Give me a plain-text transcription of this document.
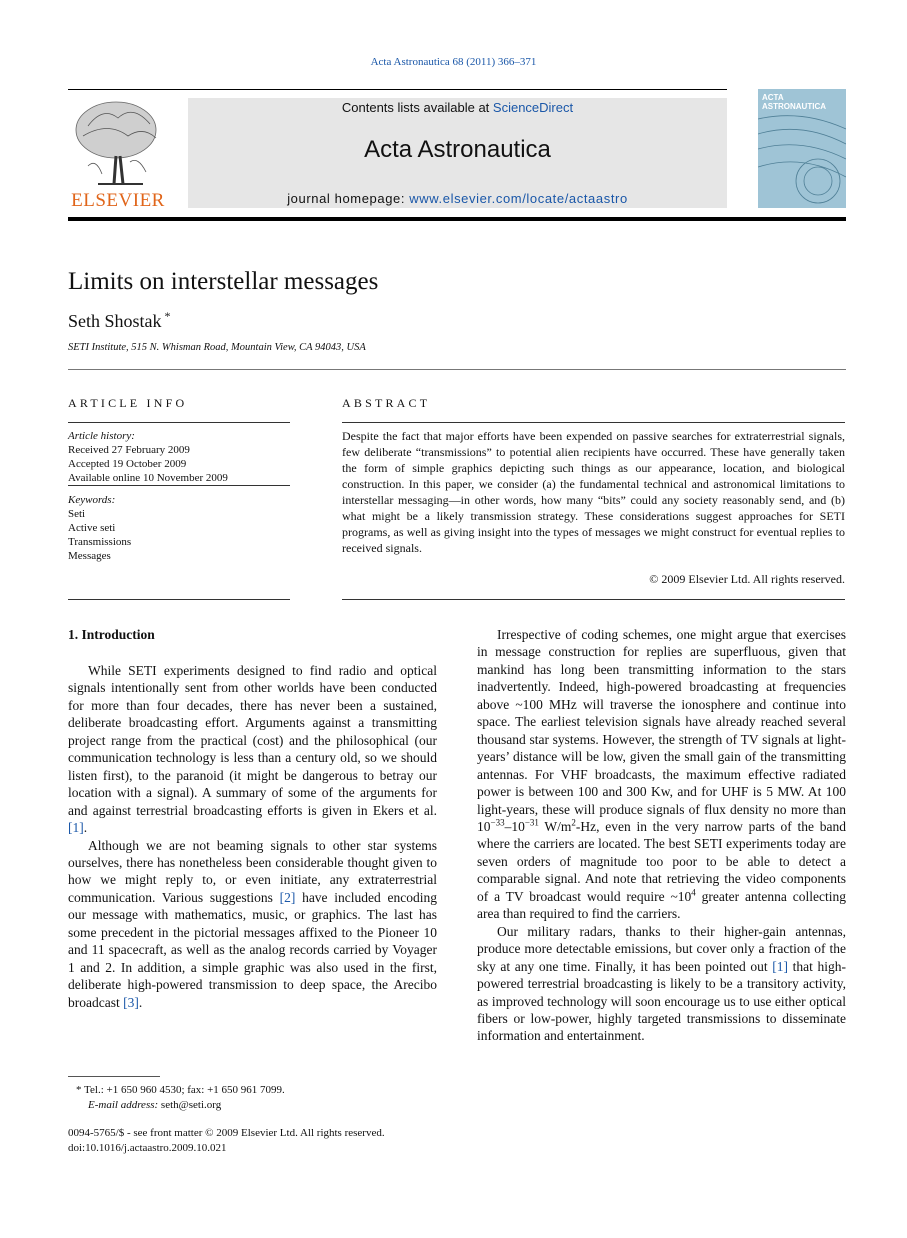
Acta Astronautica 68 (2011) 366–371
ELSEVIER
Contents lists available at ScienceDirect
Acta Astronautica
journal homepage: www.elsevier.com/locate/actaastro
ACTA ASTRONAUTICA
Limits on interstellar messages
Seth Shostak *
SETI Institute, 515 N. Whisman Road, Mountain View, CA 94043, USA
ARTICLE INFO
Article history:
Received 27 February 2009
Accepted 19 October 2009
Available online 10 November 2009
Keywords:
Seti
Active seti
Transmissions
Messages
ABSTRACT
Despite the fact that major efforts have been expended on passive searches for extraterrestrial signals, few deliberate “transmissions” to potential alien recipients have occurred. These have generally taken the form of simple graphics depicting such things as our appearance, location, and biological construction. In this paper, we consider (a) the fundamental technical and astronomical limitations to interstellar messaging—in other words, how many “bits” could any society reasonably send, and (b) what might be a likely transmission strategy. These considerations suggest approaches for SETI programs, as well as giving insight into the types of messages we might construct for eventual replies to received signals.
© 2009 Elsevier Ltd. All rights reserved.
1. Introduction

While SETI experiments designed to find radio and optical signals intentionally sent from other worlds have been conducted for more than four decades, there has never been a sustained, deliberate broadcasting effort. Arguments against a transmitting project range from the practical (cost) and the philosophical (our communication technology is less than a century old, so we should listen first), to the paranoid (it might be dangerous to betray our location with a signal). A summary of some of the arguments for and against terrestrial broadcasting efforts is given in Ekers et al. [1].

Although we are not beaming signals to other star systems ourselves, there has nonetheless been considerable thought given to how we might reply to, or even initiate, any extraterrestrial communication. Various suggestions [2] have included encoding our message with mathematics, music, or graphics. The last has some precedent in the pictorial messages affixed to the Pioneer 10 and 11 spacecraft, as well as the analog records carried by Voyager 1 and 2. In addition, a simple graphic was also used in the first, deliberate high-powered transmission to deep space, the Arecibo broadcast [3].

Irrespective of coding schemes, one might argue that exercises in message construction for replies are superfluous, given that mankind has long been transmitting information to the stars inadvertently. Indeed, high-powered broadcasting at frequencies above ~100 MHz will traverse the ionosphere and continue into space. The earliest television signals have already reached several thousand star systems. However, the strength of TV signals at light-years’ distance will be low, given the small gain of the transmitting antennas. For VHF broadcasts, the maximum effective radiated power is between 100 and 300 Kw, and for UHF is 5 MW. At 100 light-years, these will produce signals of flux density no more than $10^{-33}-10^{-31}$ $W/m^2-Hz$, even in the very narrow parts of the band where the carriers are located. The best SETI experiments today are seven orders of magnitude too poor to be able to detect a comparable signal. And note that retrieving the video components of a TV broadcast would require $\sim 10^4$ greater antenna collecting area than required to find the carriers.

Our military radars, thanks to their higher-gain antennas, produce more detectable emissions, but cover only a fraction of the sky at any one time. Finally, it has been pointed out [1] that high-powered terrestrial broadcasting is likely to be a transitory activity, as improved technology will soon encourage us to use either optical fibers or low-power, highly targeted transmissions to disseminate information and entertainment.

* Tel.: +1 650 960 4530; fax: +1 650 961 7099.
E-mail address: seth@seti.org
0094-5765/$ - see front matter © 2009 Elsevier Ltd. All rights reserved.
doi:10.1016/j.actaastro.2009.10.021
